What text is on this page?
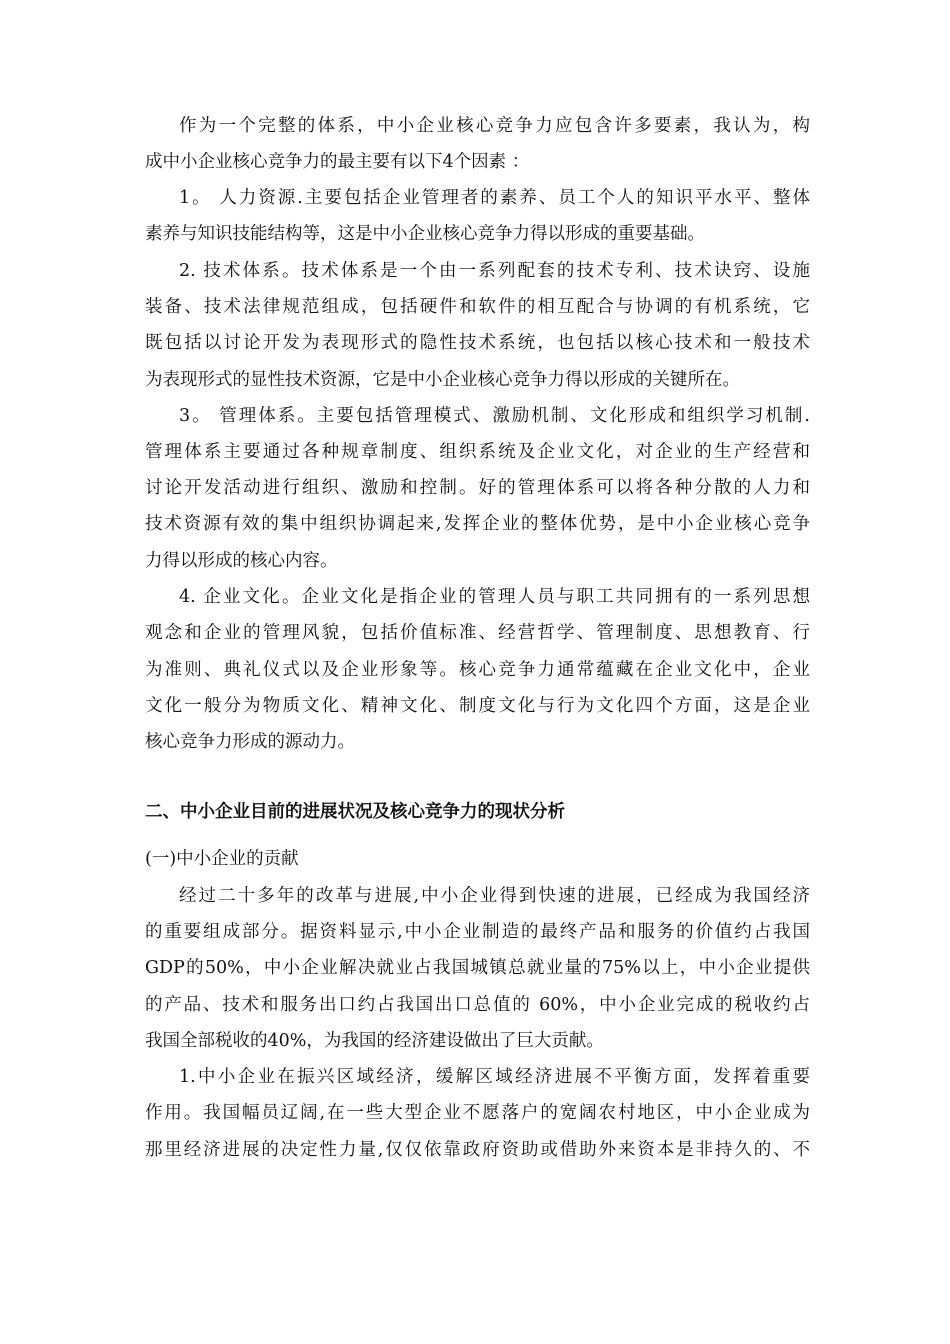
作为一个完整的体系，中小企业核心竞争力应包含许多要素，我认为，构
成中小企业核心竞争力的最主要有以下4个因素 ：
1。 人力资源.主要包括企业管理者的素养、员工个人的知识平水平、整体
素养与知识技能结构等，这是中小企业核心竞争力得以形成的重要基础。
2. 技术体系。技术体系是一个由一系列配套的技术专利、技术诀窍、设施
装备、技术法律规范组成，包括硬件和软件的相互配合与协调的有机系统，它
既包括以讨论开发为表现形式的隐性技术系统，也包括以核心技术和一般技术
为表现形式的显性技术资源，它是中小企业核心竞争力得以形成的关键所在。
3。 管理体系。主要包括管理模式、激励机制、文化形成和组织学习机制.
管理体系主要通过各种规章制度、组织系统及企业文化，对企业的生产经营和
讨论开发活动进行组织、激励和控制。好的管理体系可以将各种分散的人力和
技术资源有效的集中组织协调起来,发挥企业的整体优势，是中小企业核心竞争
力得以形成的核心内容。
4. 企业文化。企业文化是指企业的管理人员与职工共同拥有的一系列思想
观念和企业的管理风貌，包括价值标准、经营哲学、管理制度、思想教育、行
为准则、典礼仪式以及企业形象等。核心竞争力通常蕴藏在企业文化中，企业
文化一般分为物质文化、精神文化、制度文化与行为文化四个方面，这是企业
核心竞争力形成的源动力。
二、中小企业目前的进展状况及核心竞争力的现状分析
(一)中小企业的贡献
经过二十多年的改革与进展,中小企业得到快速的进展，已经成为我国经济
的重要组成部分。据资料显示,中小企业制造的最终产品和服务的价值约占我国
GDP的50%，中小企业解决就业占我国城镇总就业量的75%以上，中小企业提供
的产品、技术和服务出口约占我国出口总值的 60%，中小企业完成的税收约占
我国全部税收的40%，为我国的经济建设做出了巨大贡献。
1.中小企业在振兴区域经济，缓解区域经济进展不平衡方面，发挥着重要
作用。我国幅员辽阔,在一些大型企业不愿落户的宽阔农村地区，中小企业成为
那里经济进展的决定性力量,仅仅依靠政府资助或借助外来资本是非持久的、不
